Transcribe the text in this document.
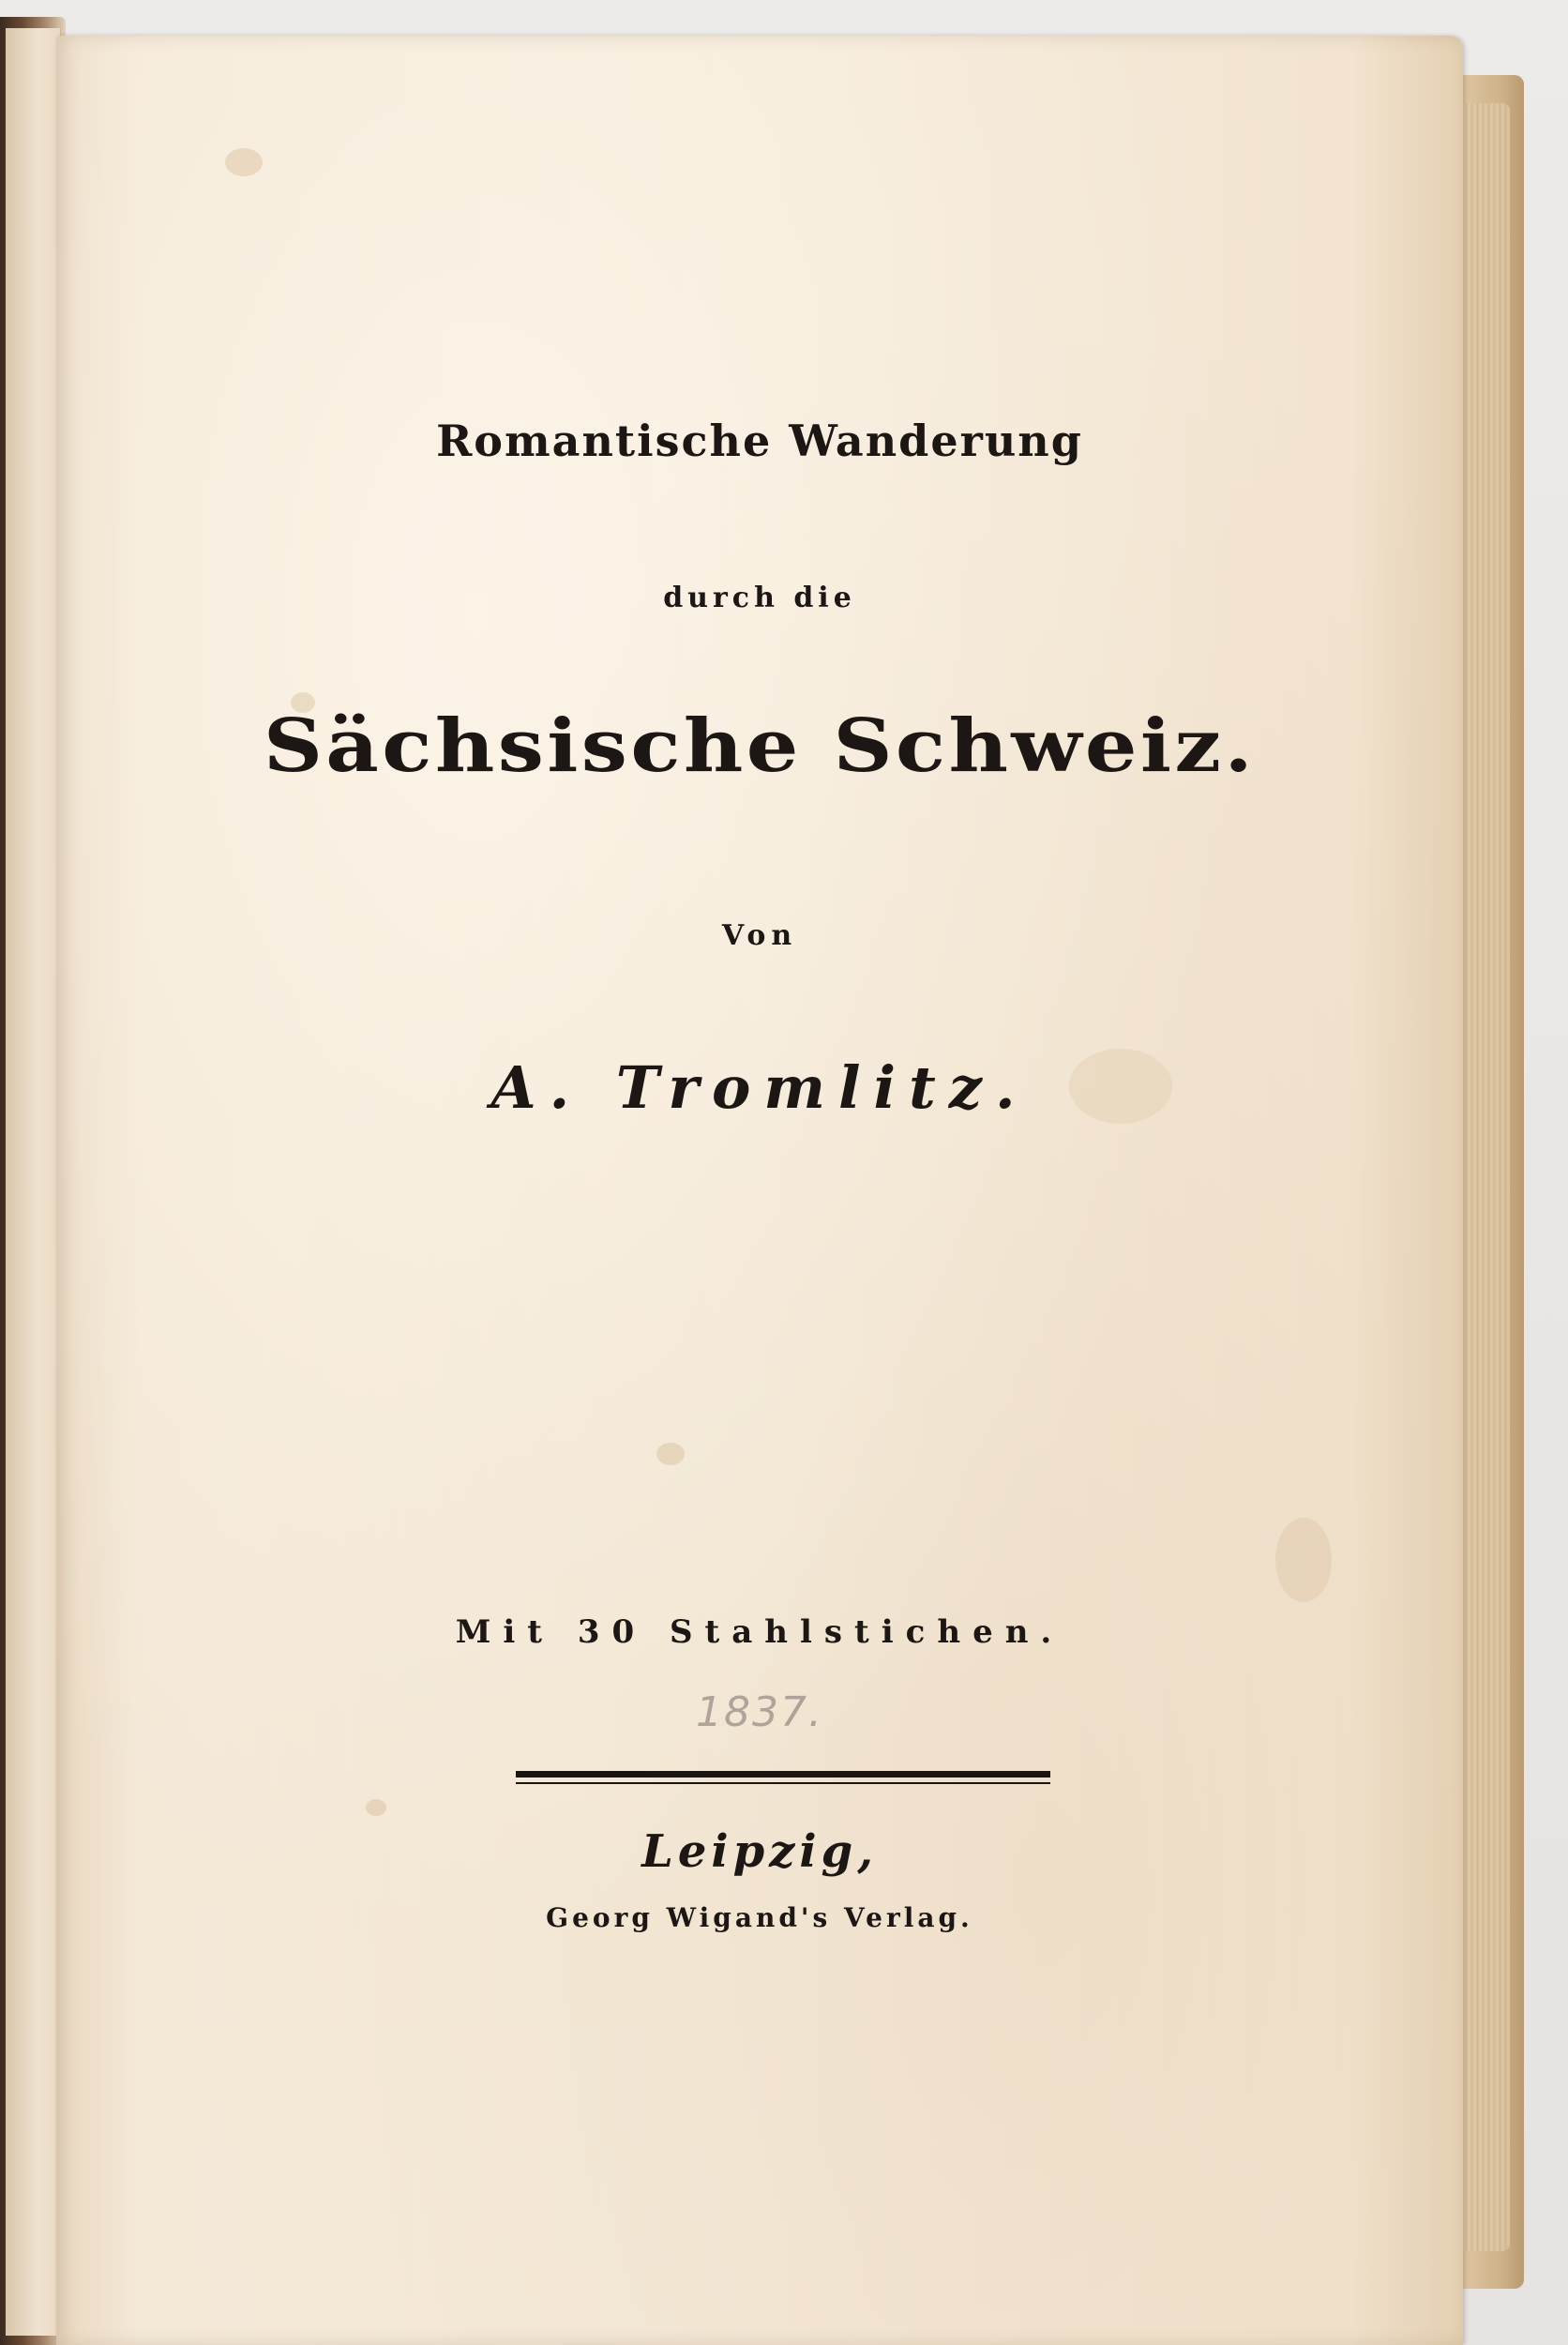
Romantische Wanderung
durch die
Sächsische Schweiz.
Von
A. Tromlitz.
Mit 30 Stahlstichen.
1837.
Leipzig,
Georg Wigand's Verlag.
